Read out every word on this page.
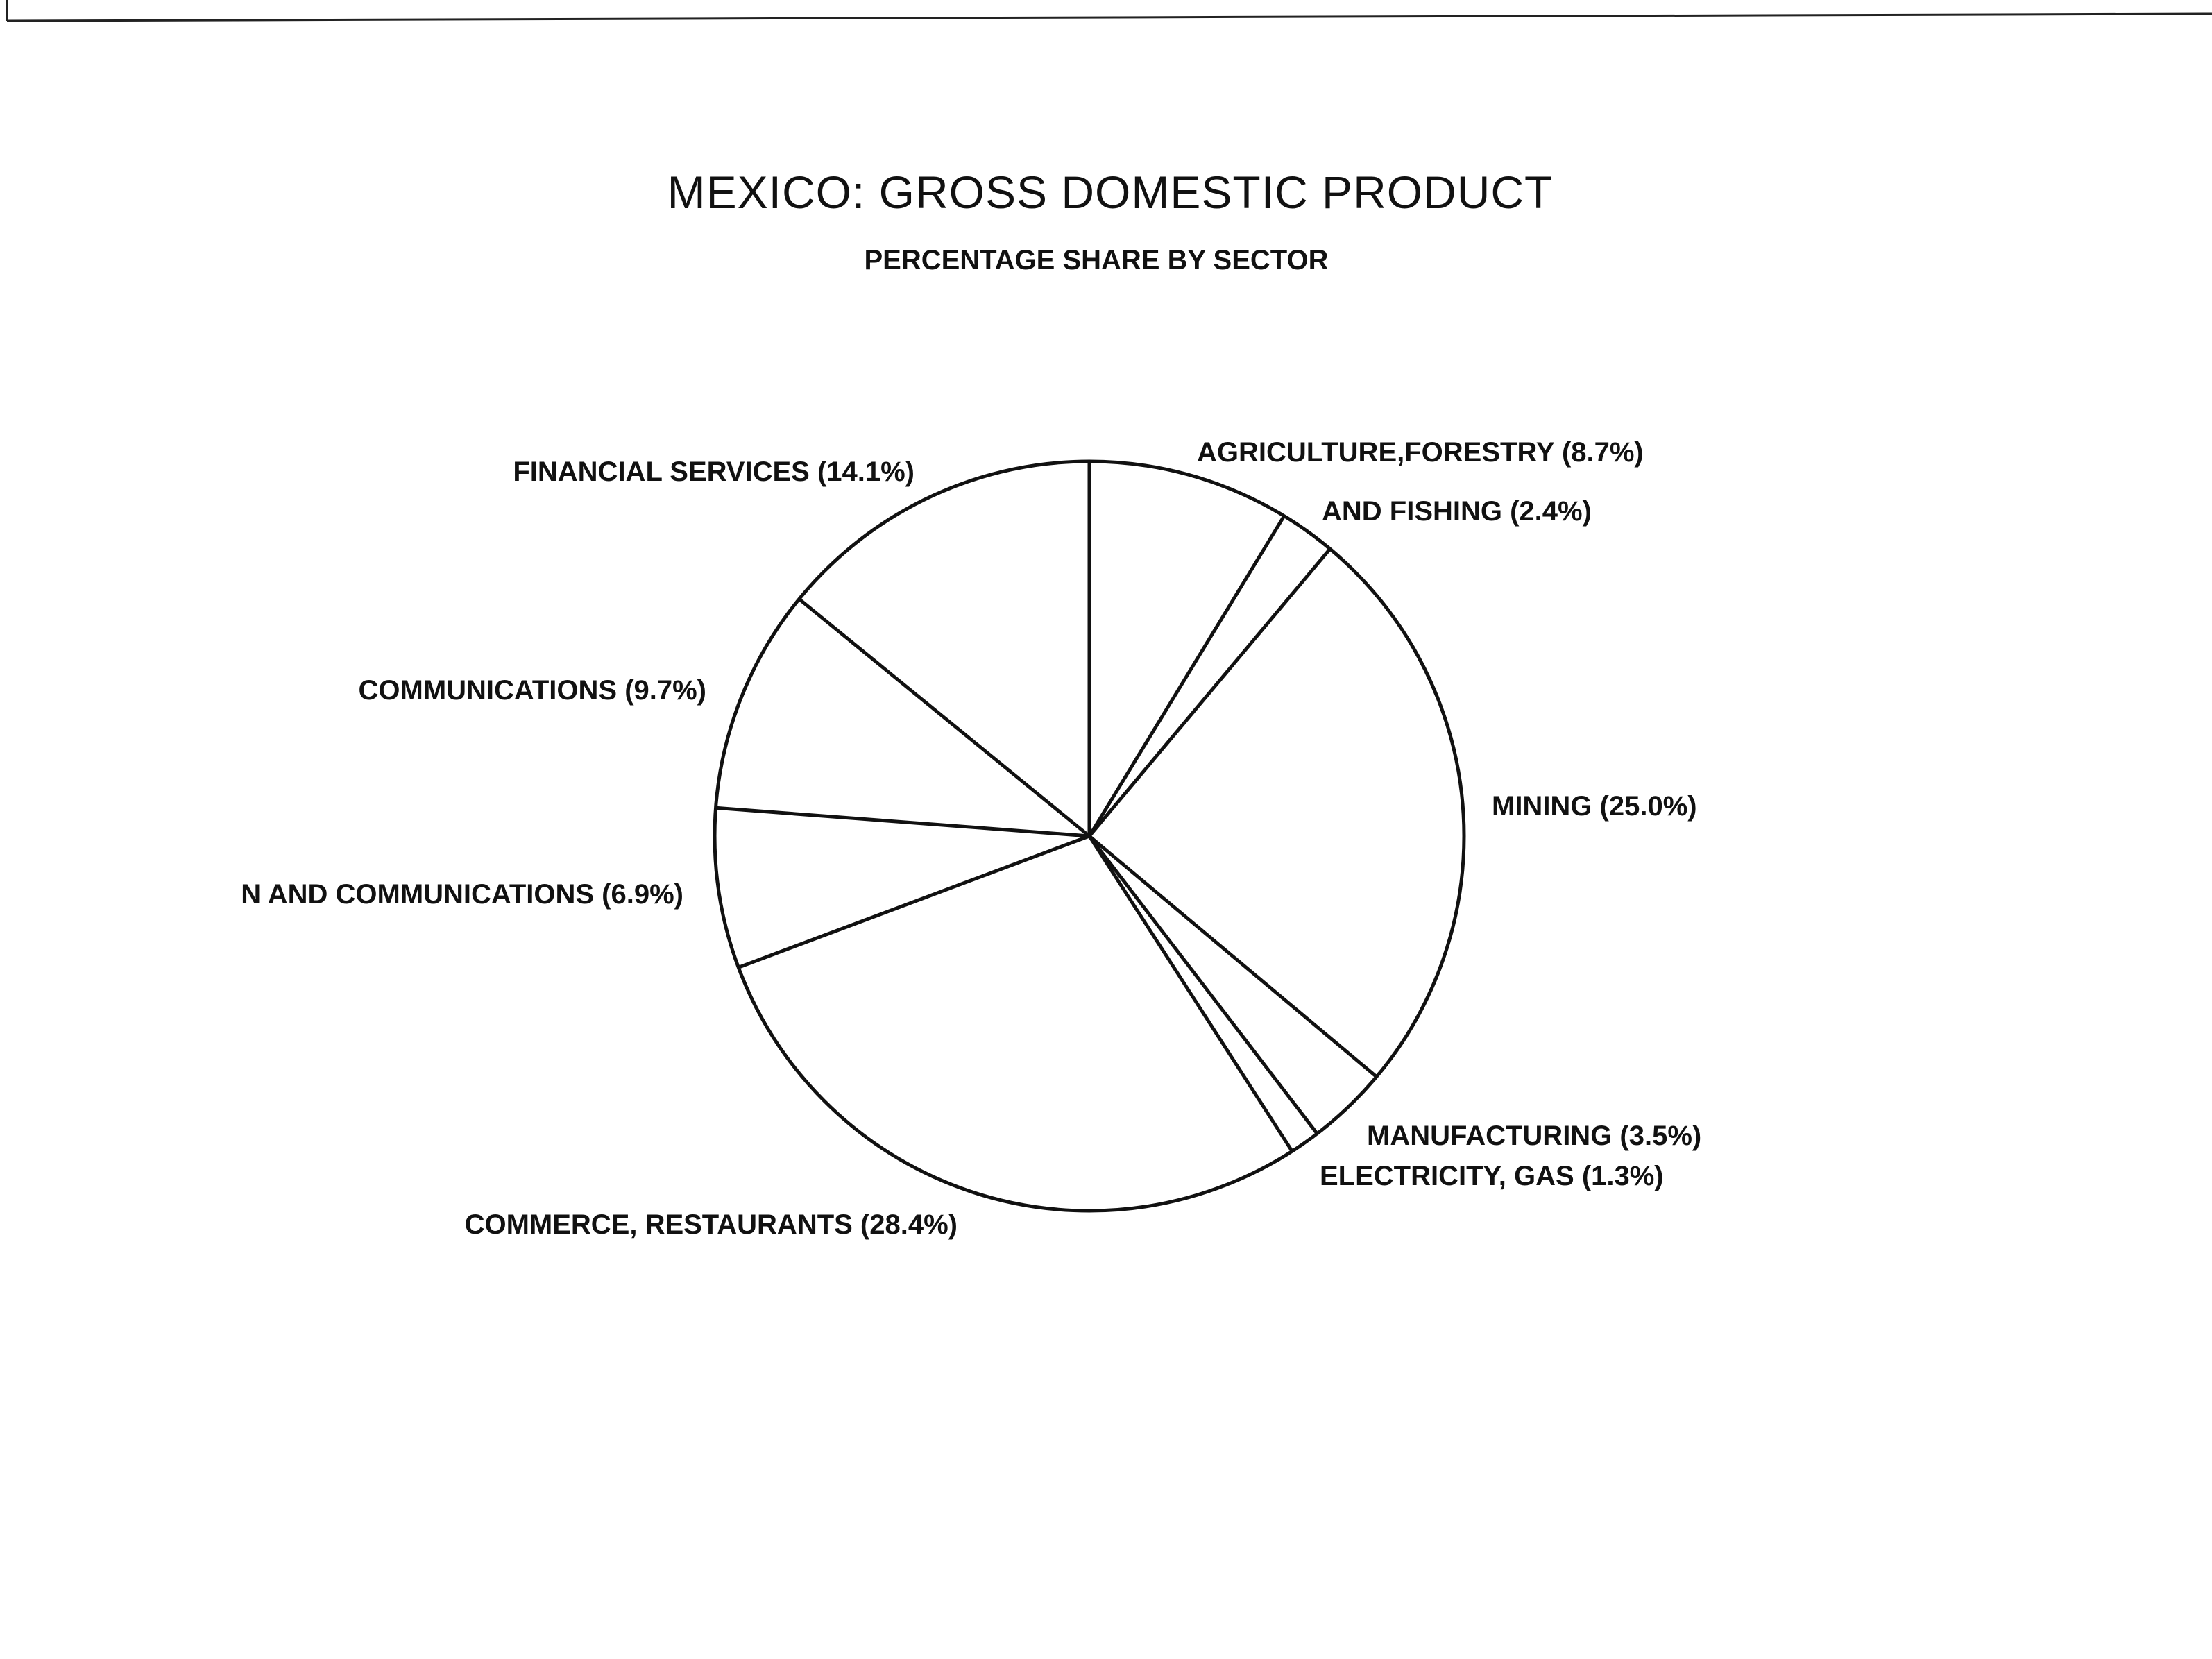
MEXICO: GROSS DOMESTIC PRODUCT
PERCENTAGE SHARE BY SECTOR
AGRICULTURE,FORESTRY (8.7%)
AND FISHING (2.4%)
MINING (25.0%)
MANUFACTURING (3.5%)
ELECTRICITY, GAS (1.3%)
COMMERCE, RESTAURANTS (28.4%)
N AND COMMUNICATIONS (6.9%)
COMMUNICATIONS (9.7%)
FINANCIAL SERVICES (14.1%)
